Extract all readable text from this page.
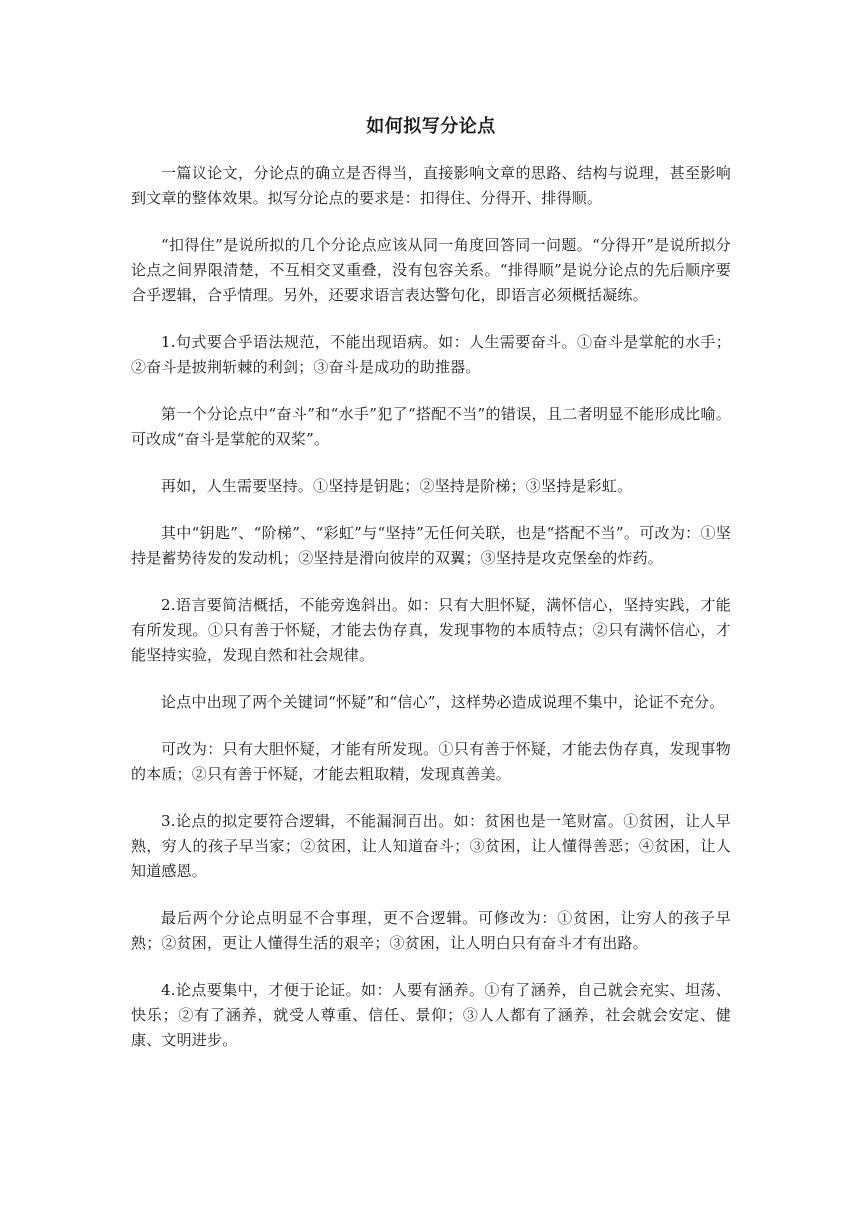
如何拟写分论点

一篇议论文，分论点的确立是否得当，直接影响文章的思路、结构与说理，甚至影响到文章的整体效果。拟写分论点的要求是：扣得住、分得开、排得顺。

“扣得住”是说所拟的几个分论点应该从同一角度回答同一问题。“分得开”是说所拟分论点之间界限清楚，不互相交叉重叠，没有包容关系。“排得顺”是说分论点的先后顺序要合乎逻辑，合乎情理。另外，还要求语言表达警句化，即语言必须概括凝练。

1.句式要合乎语法规范，不能出现语病。如：人生需要奋斗。①奋斗是掌舵的水手；②奋斗是披荆斩棘的利剑；③奋斗是成功的助推器。

第一个分论点中“奋斗”和“水手”犯了“搭配不当”的错误，且二者明显不能形成比喻。可改成“奋斗是掌舵的双桨”。

再如，人生需要坚持。①坚持是钥匙；②坚持是阶梯；③坚持是彩虹。

其中“钥匙”、“阶梯”、“彩虹”与“坚持”无任何关联，也是“搭配不当”。可改为：①坚持是蓄势待发的发动机；②坚持是滑向彼岸的双翼；③坚持是攻克堡垒的炸药。

2.语言要简洁概括，不能旁逸斜出。如：只有大胆怀疑，满怀信心，坚持实践，才能有所发现。①只有善于怀疑，才能去伪存真，发现事物的本质特点；②只有满怀信心，才能坚持实验，发现自然和社会规律。

论点中出现了两个关键词“怀疑”和“信心”，这样势必造成说理不集中，论证不充分。

可改为：只有大胆怀疑，才能有所发现。①只有善于怀疑，才能去伪存真，发现事物的本质；②只有善于怀疑，才能去粗取精，发现真善美。

3.论点的拟定要符合逻辑，不能漏洞百出。如：贫困也是一笔财富。①贫困，让人早熟，穷人的孩子早当家；②贫困，让人知道奋斗；③贫困，让人懂得善恶；④贫困，让人知道感恩。

最后两个分论点明显不合事理，更不合逻辑。可修改为：①贫困，让穷人的孩子早熟；②贫困，更让人懂得生活的艰辛；③贫困，让人明白只有奋斗才有出路。

4.论点要集中，才便于论证。如：人要有涵养。①有了涵养，自己就会充实、坦荡、快乐；②有了涵养，就受人尊重、信任、景仰；③人人都有了涵养，社会就会安定、健康、文明进步。
